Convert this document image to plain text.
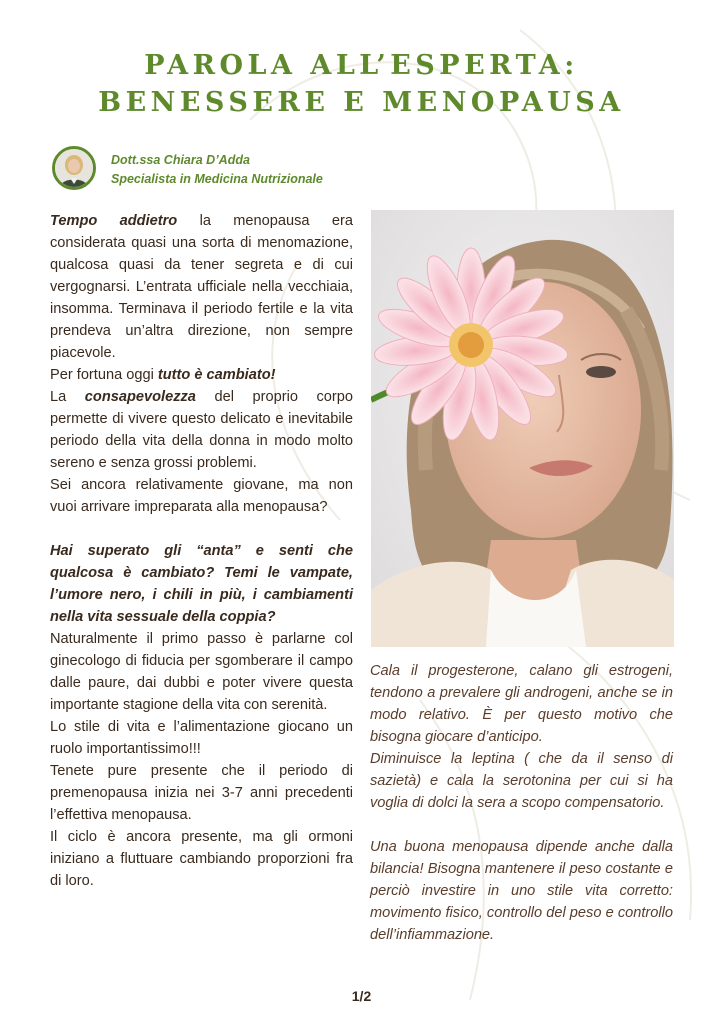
PAROLA ALL’ESPERTA:
BENESSERE E MENOPAUSA
Dott.ssa Chiara D’Adda
Specialista in Medicina Nutrizionale

Tempo addietro la menopausa era considerata quasi una sorta di menomazione, qualcosa quasi da tener segreta e di cui vergognarsi. L’entrata ufficiale nella vecchiaia, insomma. Terminava il periodo fertile e la vita prendeva un’altra direzione, non sempre piacevole.

Per fortuna oggi tutto è cambiato!

La consapevolezza del proprio corpo permette di vivere questo delicato e inevitabile periodo della vita della donna in modo molto sereno e senza grossi problemi.

Sei ancora relativamente giovane, ma non vuoi arrivare impreparata alla menopausa?

Hai superato gli “anta” e senti che qualcosa è cambiato? Temi le vampate, l’umore nero, i chili in più, i cambiamenti nella vita sessuale della coppia?

Naturalmente il primo passo è parlarne col ginecologo di fiducia per sgomberare il campo dalle paure, dai dubbi e poter vivere questa importante stagione della vita con serenità.

Lo stile di vita e l’alimentazione giocano un ruolo importantissimo!!!

Tenete pure presente che il periodo di premenopausa inizia nei 3-7 anni precedenti l’effettiva menopausa.

Il ciclo è ancora presente, ma gli ormoni iniziano a fluttuare cambiando proporzioni fra di loro.

Cala il progesterone, calano gli estrogeni, tendono a prevalere gli androgeni, anche se in modo relativo. È per questo motivo che bisogna giocare d’anticipo.

Diminuisce la leptina ( che da il senso di sazietà) e cala la serotonina per cui si ha voglia di dolci la sera a scopo compensatorio.

Una buona menopausa dipende anche dalla bilancia! Bisogna mantenere il peso costante e perciò investire in uno stile vita corretto: movimento fisico, controllo del peso e controllo dell’infiammazione.

1/2
